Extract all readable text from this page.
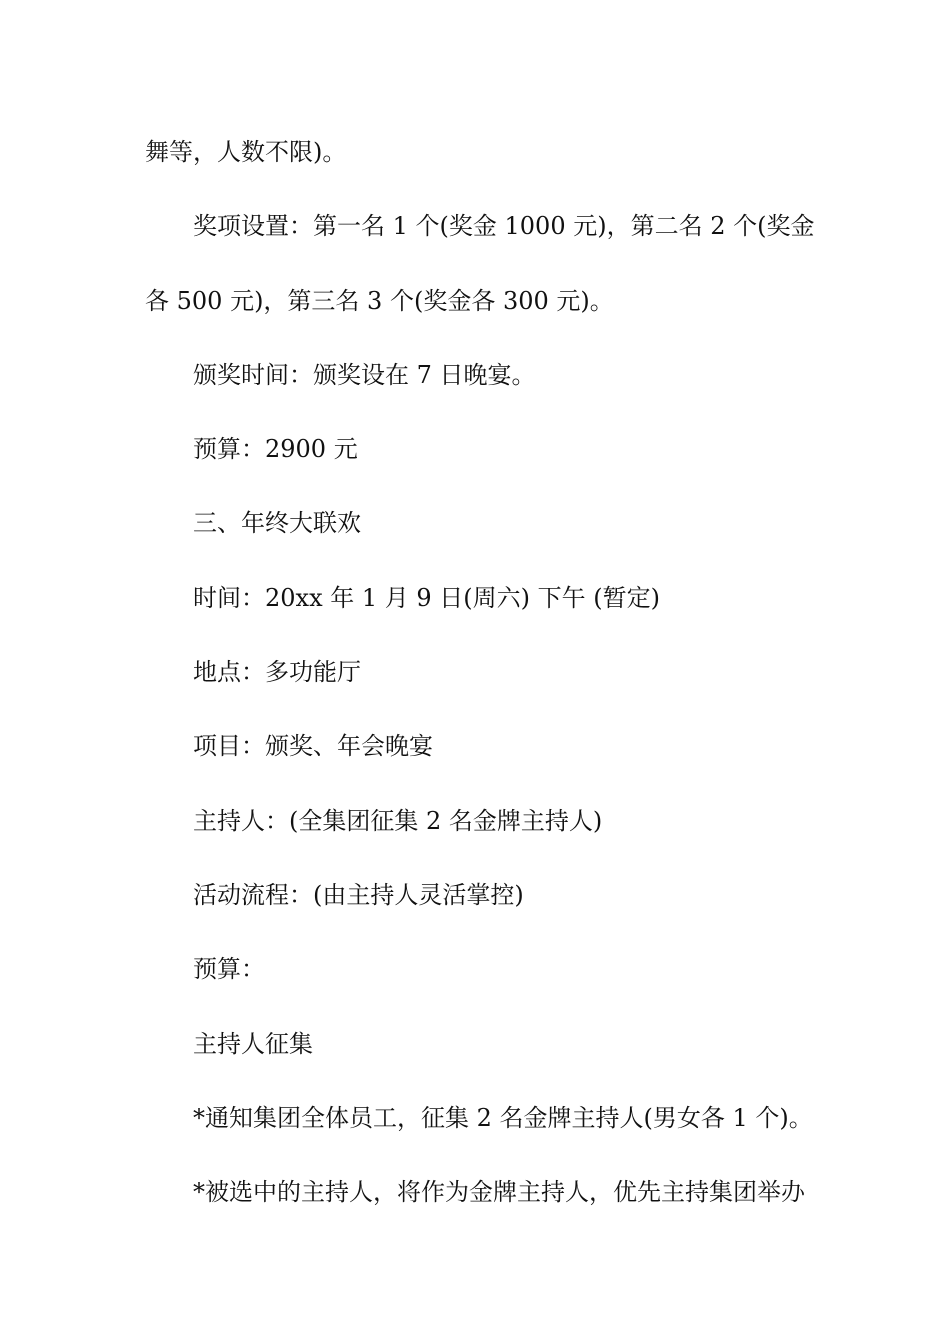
舞等，人数不限)。

奖项设置：第一名 1 个(奖金 1000 元)，第二名 2 个(奖金

各 500 元)，第三名 3 个(奖金各 300 元)。

颁奖时间：颁奖设在 7 日晚宴。

预算：2900 元

三、年终大联欢

时间：20xx 年 1 月 9 日(周六) 下午 (暂定)

地点：多功能厅

项目：颁奖、年会晚宴

主持人：(全集团征集 2 名金牌主持人)

活动流程：(由主持人灵活掌控)

预算：

主持人征集

*通知集团全体员工，征集 2 名金牌主持人(男女各 1 个)。

*被选中的主持人，将作为金牌主持人，优先主持集团举办
